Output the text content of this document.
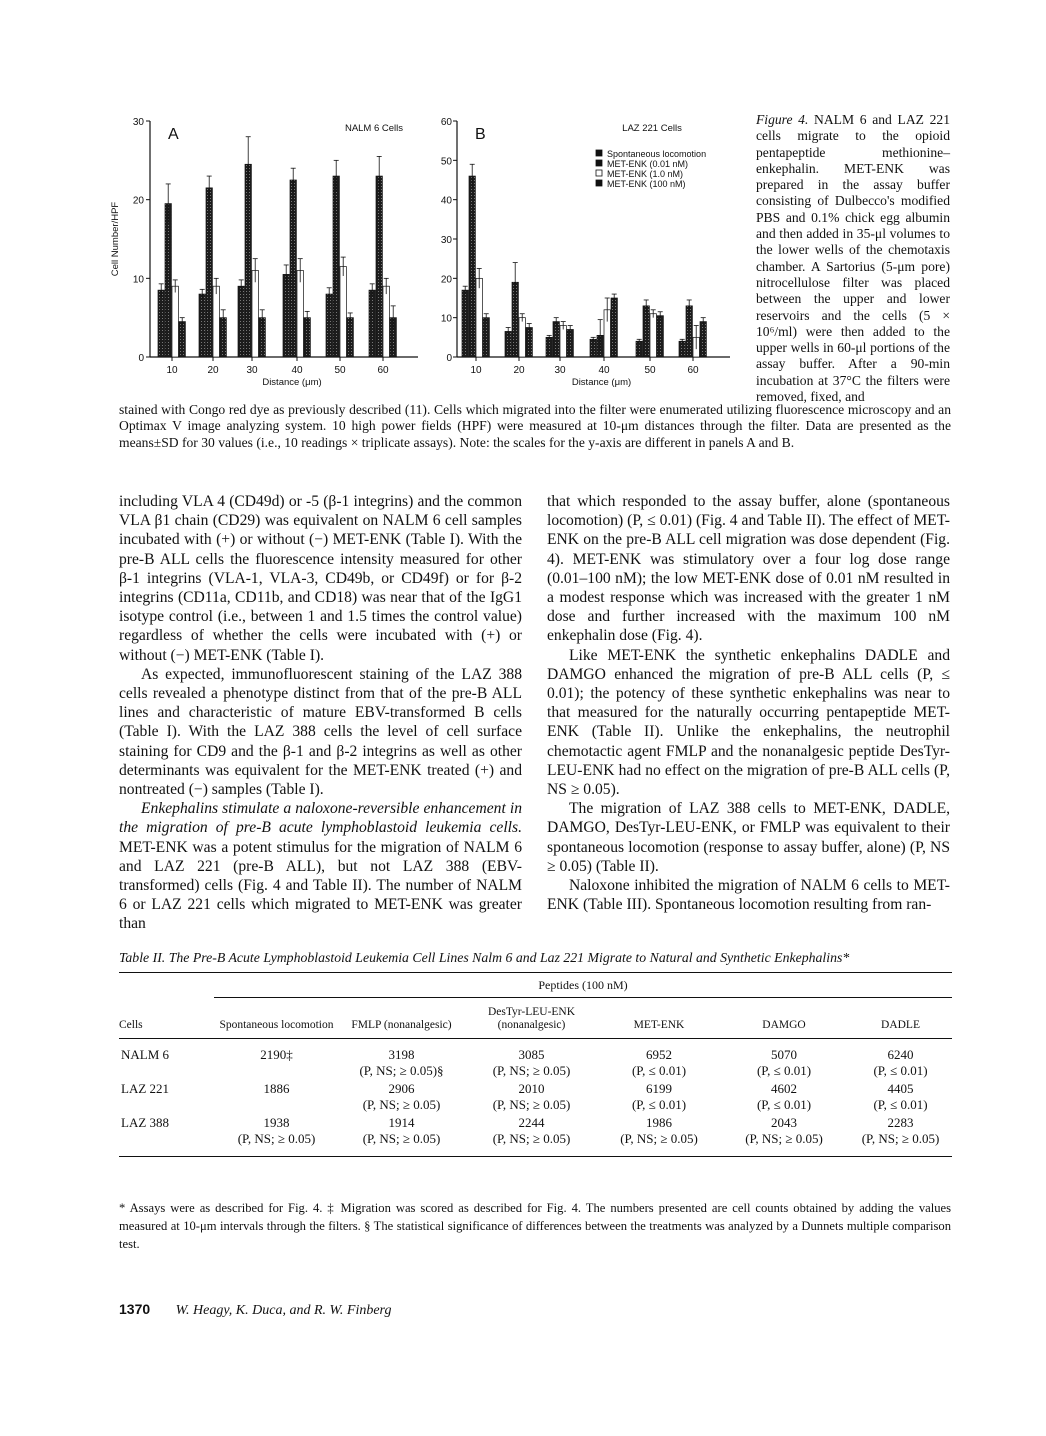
0
10
20
30
10	20	30	40	50	60
A	NALM 6 Cells
Distance (μm)
Cell Number/HPF
0
10
20
30
40
50
60
10	20	30	40	50	60
B	LAZ 221 Cells
Distance (μm)
Spontaneous locomotion
MET-ENK (0.01 nM)
MET-ENK (1.0 nM)
MET-ENK (100 nM)
Figure 4. NALM 6 and LAZ 221 cells migrate to the opioid pentapeptide methionine–enkephalin. MET-ENK was prepared in the assay buffer consisting of Dulbecco's modified PBS and 0.1% chick egg albumin and then added in 35-μl volumes to the lower wells of the chemotaxis chamber. A Sartorius (5-μm pore) nitrocellulose filter was placed between the upper and lower reservoirs and the cells (5 × 10⁶/ml) were then added to the upper wells in 60-μl portions of the assay buffer. After a 90-min incubation at 37°C the filters were removed, fixed, and
stained with Congo red dye as previously described (11). Cells which migrated into the filter were enumerated utilizing fluorescence microscopy and an Optimax V image analyzing system. 10 high power fields (HPF) were measured at 10-μm distances through the filter. Data are presented as the means±SD for 30 values (i.e., 10 readings × triplicate assays). Note: the scales for the y-axis are different in panels A and B.

including VLA 4 (CD49d) or -5 (β-1 integrins) and the common VLA β1 chain (CD29) was equivalent on NALM 6 cell samples incubated with (+) or without (−) MET-ENK (Table I). With the pre-B ALL cells the fluorescence intensity measured for other β-1 integrins (VLA-1, VLA-3, CD49b, or CD49f) or for β-2 integrins (CD11a, CD11b, and CD18) was near that of the IgG1 isotype control (i.e., between 1 and 1.5 times the control value) regardless of whether the cells were incubated with (+) or without (−) MET-ENK (Table I).

As expected, immunofluorescent staining of the LAZ 388 cells revealed a phenotype distinct from that of the pre-B ALL lines and characteristic of mature EBV-transformed B cells (Table I). With the LAZ 388 cells the level of cell surface staining for CD9 and the β-1 and β-2 integrins as well as other determinants was equivalent for the MET-ENK treated (+) and nontreated (−) samples (Table I).

Enkephalins stimulate a naloxone-reversible enhancement in the migration of pre-B acute lymphoblastoid leukemia cells. MET-ENK was a potent stimulus for the migration of NALM 6 and LAZ 221 (pre-B ALL), but not LAZ 388 (EBV-transformed) cells (Fig. 4 and Table II). The number of NALM 6 or LAZ 221 cells which migrated to MET-ENK was greater than

that which responded to the assay buffer, alone (spontaneous locomotion) (P, ≤ 0.01) (Fig. 4 and Table II). The effect of MET-ENK on the pre-B ALL cell migration was dose dependent (Fig. 4). MET-ENK was stimulatory over a four log dose range (0.01–100 nM); the low MET-ENK dose of 0.01 nM resulted in a modest response which was increased with the greater 1 nM dose and further increased with the maximum 100 nM enkephalin dose (Fig. 4).

Like MET-ENK the synthetic enkephalins DADLE and DAMGO enhanced the migration of pre-B ALL cells (P, ≤ 0.01); the potency of these synthetic enkephalins was near to that measured for the naturally occurring pentapeptide MET-ENK (Table II). Unlike the enkephalins, the neutrophil chemotactic agent FMLP and the nonanalgesic peptide DesTyr-LEU-ENK had no effect on the migration of pre-B ALL cells (P, NS ≥ 0.05).

The migration of LAZ 388 cells to MET-ENK, DADLE, DAMGO, DesTyr-LEU-ENK, or FMLP was equivalent to their spontaneous locomotion (response to assay buffer, alone) (P, NS ≥ 0.05) (Table II).

Naloxone inhibited the migration of NALM 6 cells to MET-ENK (Table III). Spontaneous locomotion resulting from ran-

Table II. The Pre-B Acute Lymphoblastoid Leukemia Cell Lines Nalm 6 and Laz 221 Migrate to Natural and Synthetic Enkephalins*

	Peptides (100 nM)					
Cells	Spontaneous locomotion	FMLP (nonanalgesic)	DesTyr-LEU-ENK (nonanalgesic)	MET-ENK	DAMGO	DADLE
NALM 6	2190‡	3198	3085	6952	5070	6240
		(P, NS; ≥ 0.05)§	(P, NS; ≥ 0.05)	(P, ≤ 0.01)	(P, ≤ 0.01)	(P, ≤ 0.01)
LAZ 221	1886	2906	2010	6199	4602	4405
		(P, NS; ≥ 0.05)	(P, NS; ≥ 0.05)	(P, ≤ 0.01)	(P, ≤ 0.01)	(P, ≤ 0.01)
LAZ 388	1938	1914	2244	1986	2043	2283
	(P, NS; ≥ 0.05)	(P, NS; ≥ 0.05)	(P, NS; ≥ 0.05)	(P, NS; ≥ 0.05)	(P, NS; ≥ 0.05)	(P, NS; ≥ 0.05)
* Assays were as described for Fig. 4. ‡ Migration was scored as described for Fig. 4. The numbers presented are cell counts obtained by adding the values measured at 10-μm intervals through the filters. § The statistical significance of differences between the treatments was analyzed by a Dunnets multiple comparison test.
1370 W. Heagy, K. Duca, and R. W. Finberg
